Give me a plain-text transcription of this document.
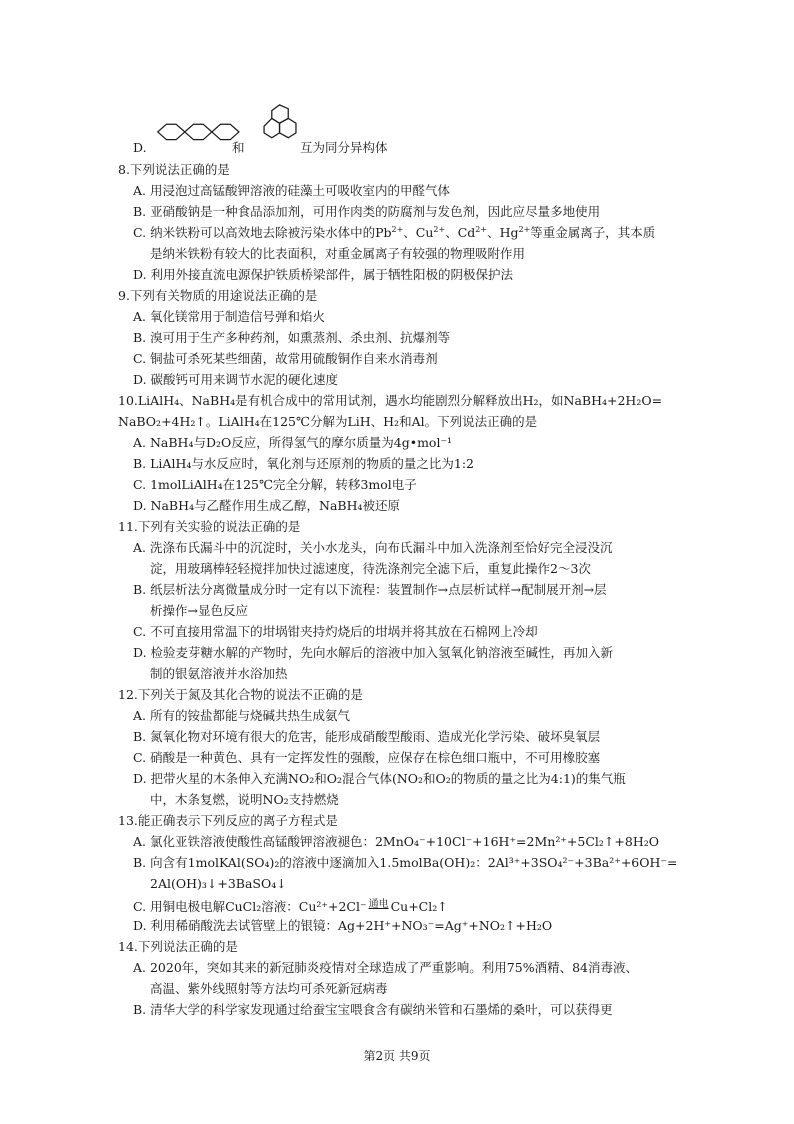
D.	和	互为同分异构体
8.下列说法正确的是
A. 用浸泡过高锰酸钾溶液的硅藻土可吸收室内的甲醛气体
B. 亚硝酸钠是一种食品添加剂，可用作肉类的防腐剂与发色剂，因此应尽量多地使用
C. 纳米铁粉可以高效地去除被污染水体中的$Pb^{2+}$、$Cu^{2+}$、$Cd^{2+}$、$Hg^{2+}$等重金属离子，其本质
是纳米铁粉有较大的比表面积，对重金属离子有较强的物理吸附作用
D. 利用外接直流电源保护铁质桥梁部件，属于牺牲阳极的阴极保护法
9.下列有关物质的用途说法正确的是
A. 氧化镁常用于制造信号弹和焰火
B. 溴可用于生产多种药剂，如熏蒸剂、杀虫剂、抗爆剂等
C. 铜盐可杀死某些细菌，故常用硫酸铜作自来水消毒剂
D. 碳酸钙可用来调节水泥的硬化速度
10.LiAlH₄、NaBH₄是有机合成中的常用试剂，遇水均能剧烈分解释放出H₂，如NaBH₄+2H₂O=
NaBO₂+4H₂↑。LiAlH₄在125℃分解为LiH、H₂和Al。下列说法正确的是
A. NaBH₄与D₂O反应，所得氢气的摩尔质量为4g•mol⁻¹
B. LiAlH₄与水反应时，氧化剂与还原剂的物质的量之比为1:2
C. 1molLiAlH₄在125℃完全分解，转移3mol电子
D. NaBH₄与乙醛作用生成乙醇，NaBH₄被还原
11.下列有关实验的说法正确的是
A. 洗涤布氏漏斗中的沉淀时，关小水龙头，向布氏漏斗中加入洗涤剂至恰好完全浸没沉
淀，用玻璃棒轻轻搅拌加快过滤速度，待洗涤剂完全滤下后，重复此操作2～3次
B. 纸层析法分离微量成分时一定有以下流程：装置制作→点层析试样→配制展开剂→层
析操作→显色反应
C. 不可直接用常温下的坩埚钳夹持灼烧后的坩埚并将其放在石棉网上冷却
D. 检验麦芽糖水解的产物时，先向水解后的溶液中加入氢氧化钠溶液至碱性，再加入新
制的银氨溶液并水浴加热
12.下列关于氮及其化合物的说法不正确的是
A. 所有的铵盐都能与烧碱共热生成氨气
B. 氮氧化物对环境有很大的危害，能形成硝酸型酸雨、造成光化学污染、破坏臭氧层
C. 硝酸是一种黄色、具有一定挥发性的强酸，应保存在棕色细口瓶中，不可用橡胶塞
D. 把带火星的木条伸入充满NO₂和O₂混合气体(NO₂和O₂的物质的量之比为4:1)的集气瓶
中，木条复燃，说明NO₂支持燃烧
13.能正确表示下列反应的离子方程式是
A. 氯化亚铁溶液使酸性高锰酸钾溶液褪色：2MnO₄⁻+10Cl⁻+16H⁺=2Mn²⁺+5Cl₂↑+8H₂O
B. 向含有1molKAl(SO₄)₂的溶液中逐滴加入1.5molBa(OH)₂：2Al³⁺+3SO₄²⁻+3Ba²⁺+6OH⁻=
2Al(OH)₃↓+3BaSO₄↓
C. 用铜电极电解CuCl₂溶液：Cu²⁺+2Cl⁻ $^{通电}$ Cu+Cl₂↑
D. 利用稀硝酸洗去试管壁上的银镜：Ag+2H⁺+NO₃⁻=Ag⁺+NO₂↑+H₂O
14.下列说法正确的是
A. 2020年，突如其来的新冠肺炎疫情对全球造成了严重影响。利用75%酒精、84消毒液、
高温、紫外线照射等方法均可杀死新冠病毒
B. 清华大学的科学家发现通过给蚕宝宝喂食含有碳纳米管和石墨烯的桑叶，可以获得更
第2页 共9页
